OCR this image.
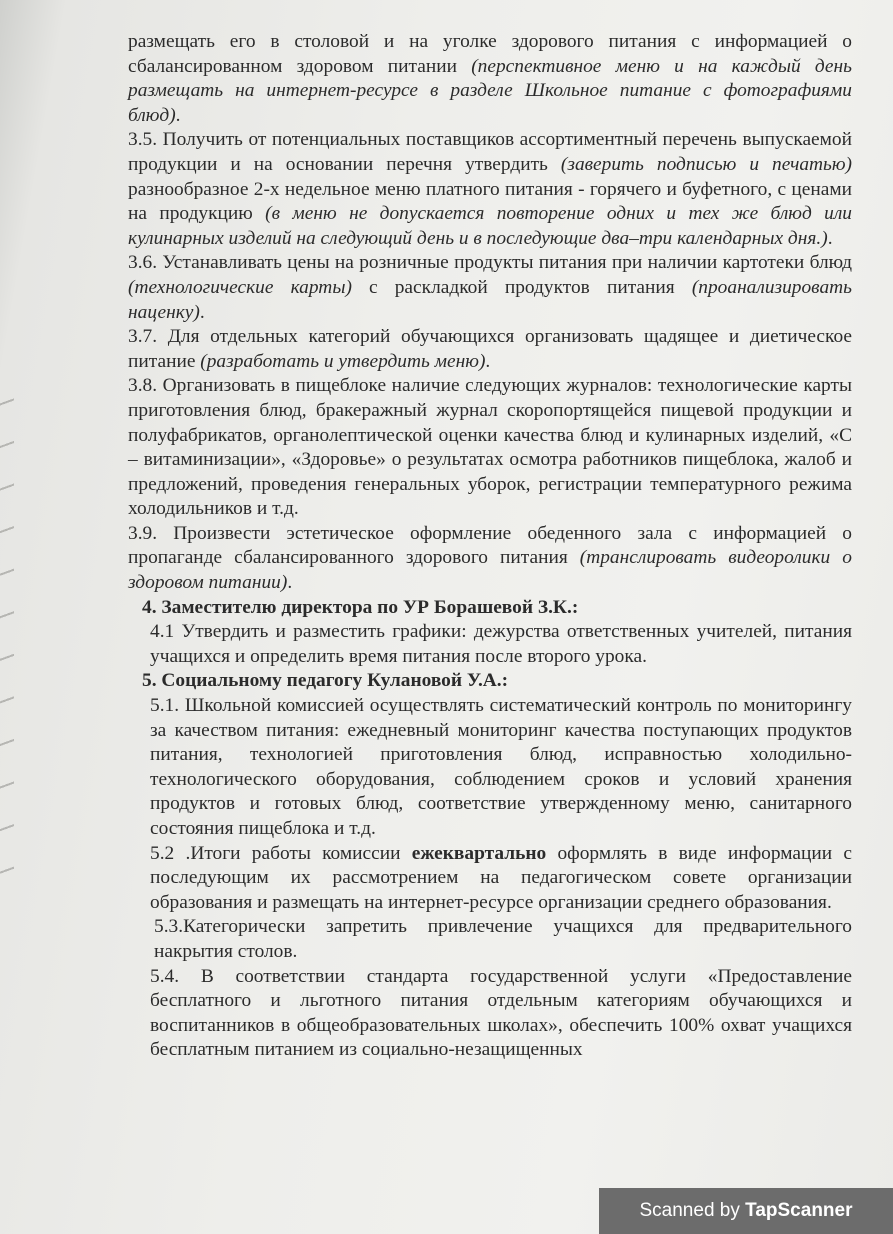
размещать его в столовой и на уголке здорового питания с информацией о сбалансированном здоровом питании (перспективное меню и на каждый день размещать на интернет-ресурсе в разделе Школьное питание с фотографиями блюд).

3.5. Получить от потенциальных поставщиков ассортиментный перечень выпускаемой продукции и на основании перечня утвердить (заверить подписью и печатью) разнообразное 2-х недельное меню платного питания - горячего и буфетного, с ценами на продукцию (в меню не допускается повторение одних и тех же блюд или кулинарных изделий на следующий день и в последующие два–три календарных дня.).

3.6. Устанавливать цены на розничные продукты питания при наличии картотеки блюд (технологические карты) с раскладкой продуктов питания (проанализировать наценку).

3.7. Для отдельных категорий обучающихся организовать щадящее и диетическое питание (разработать и утвердить меню).

3.8. Организовать в пищеблоке наличие следующих журналов: технологические карты приготовления блюд, бракеражный журнал скоропортящейся пищевой продукции и полуфабрикатов, органолептической оценки качества блюд и кулинарных изделий, «С – витаминизации», «Здоровье» о результатах осмотра работников пищеблока, жалоб и предложений, проведения генеральных уборок, регистрации температурного режима холодильников и т.д.

3.9. Произвести эстетическое оформление обеденного зала с информацией о пропаганде сбалансированного здорового питания (транслировать видеоролики о здоровом питании).

4. Заместителю директора по УР Борашевой З.К.:

4.1 Утвердить и разместить графики: дежурства ответственных учителей, питания учащихся и определить время питания после второго урока.

5. Социальному педагогу Кулановой У.А.:

5.1. Школьной комиссией осуществлять систематический контроль по мониторингу за качеством питания: ежедневный мониторинг качества поступающих продуктов питания, технологией приготовления блюд, исправностью холодильно-технологического оборудования, соблюдением сроков и условий хранения продуктов и готовых блюд, соответствие утвержденному меню, санитарного состояния пищеблока и т.д.

5.2 .Итоги работы комиссии ежеквартально оформлять в виде информации с последующим их рассмотрением на педагогическом совете организации образования и размещать на интернет-ресурсе организации среднего образования.

5.3.Категорически запретить привлечение учащихся для предварительного накрытия столов.

5.4. В соответствии стандарта государственной услуги «Предоставление бесплатного и льготного питания отдельным категориям обучающихся и воспитанников в общеобразовательных школах», обеспечить 100% охват учащихся бесплатным питанием из социально-незащищенных

Scanned by TapScanner
